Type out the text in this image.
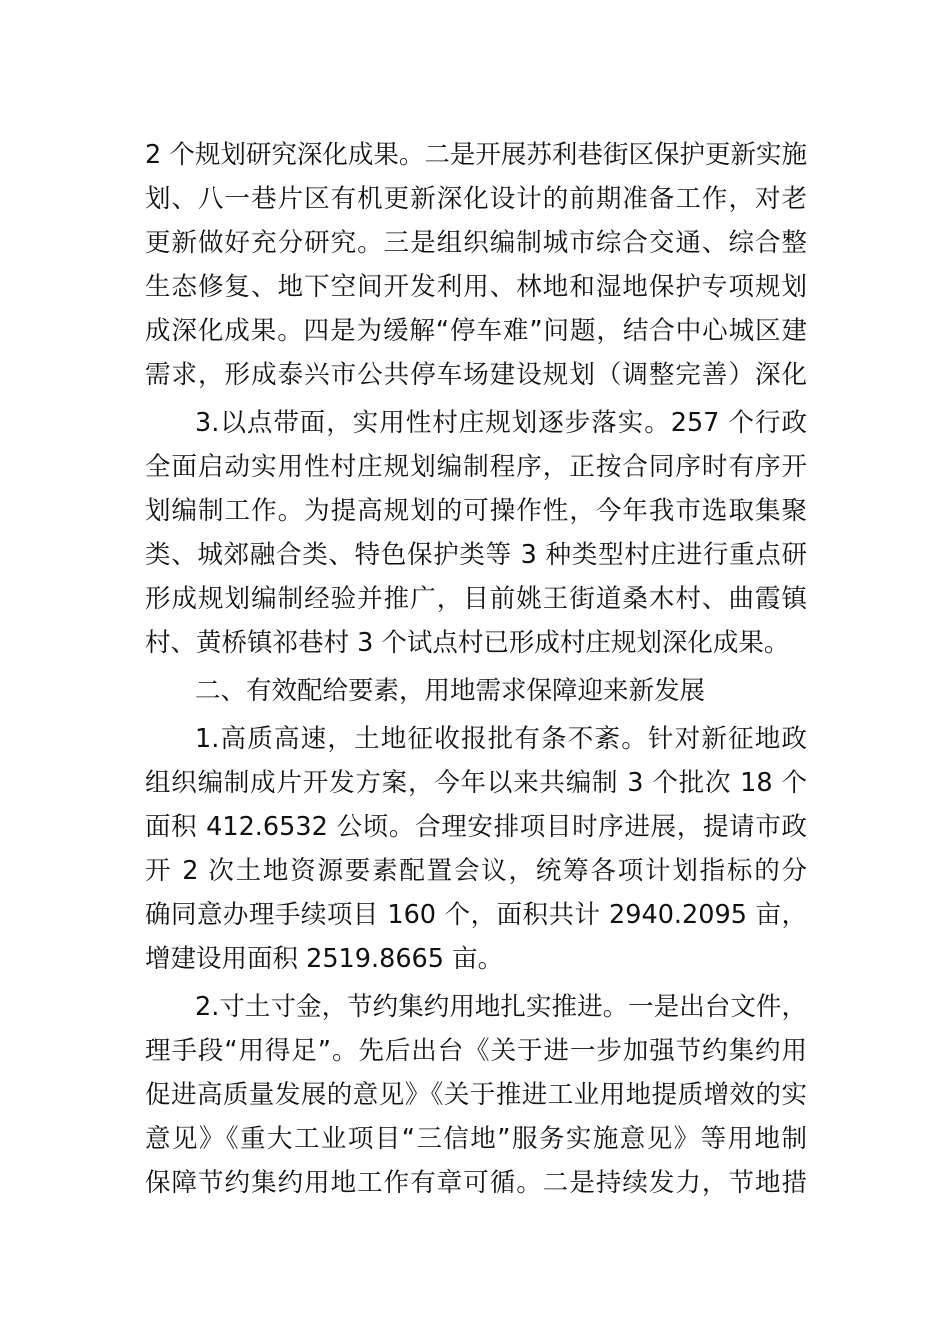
2 个规划研究深化成果。二是开展苏利巷街区保护更新实施
划、八一巷片区有机更新深化设计的前期准备工作，对老
更新做好充分研究。三是组织编制城市综合交通、综合整
生态修复、地下空间开发利用、林地和湿地保护专项规划
成深化成果。四是为缓解“停车难”问题，结合中心城区建
需求，形成泰兴市公共停车场建设规划（调整完善）深化
3.以点带面，实用性村庄规划逐步落实。257 个行政
全面启动实用性村庄规划编制程序，正按合同序时有序开
划编制工作。为提高规划的可操作性，今年我市选取集聚
类、城郊融合类、特色保护类等 3 种类型村庄进行重点研
形成规划编制经验并推广，目前姚王街道桑木村、曲霞镇
村、黄桥镇祁巷村 3 个试点村已形成村庄规划深化成果。
二、有效配给要素，用地需求保障迎来新发展
1.高质高速，土地征收报批有条不紊。针对新征地政
组织编制成片开发方案，今年以来共编制 3 个批次 18 个
面积 412.6532 公顷。合理安排项目时序进展，提请市政
开 2 次土地资源要素配置会议，统筹各项计划指标的分
确同意办理手续项目 160 个，面积共计 2940.2095 亩，
增建设用面积 2519.8665 亩。
2.寸土寸金，节约集约用地扎实推进。一是出台文件，
理手段“用得足”。先后出台《关于进一步加强节约集约用
促进高质量发展的意见》《关于推进工业用地提质增效的实
意见》《重大工业项目“三信地”服务实施意见》等用地制
保障节约集约用地工作有章可循。二是持续发力，节地措
